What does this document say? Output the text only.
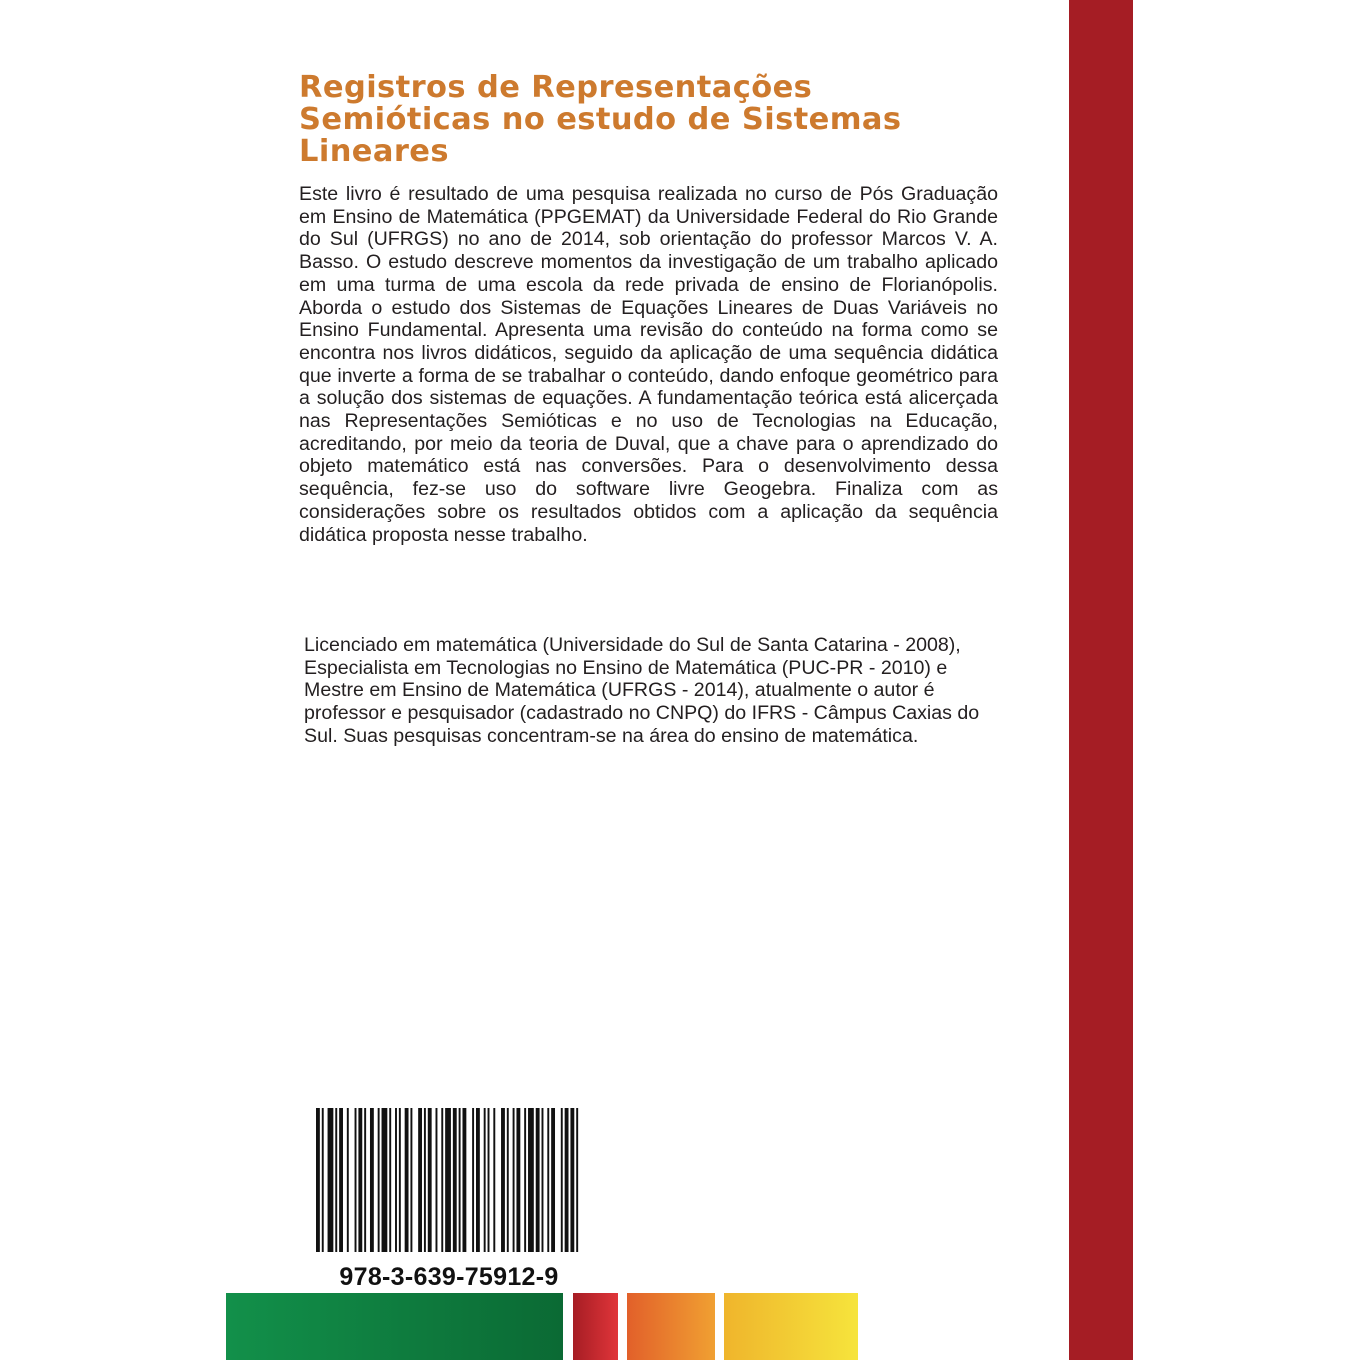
Registros de Representações Semióticas no estudo de Sistemas Lineares

Este livro é resultado de uma pesquisa realizada no curso de Pós Graduação em Ensino de Matemática (PPGEMAT) da Universidade Federal do Rio Grande do Sul (UFRGS) no ano de 2014, sob orientação do professor Marcos V. A. Basso. O estudo descreve momentos da investigação de um trabalho aplicado em uma turma de uma escola da rede privada de ensino de Florianópolis. Aborda o estudo dos Sistemas de Equações Lineares de Duas Variáveis no Ensino Fundamental. Apresenta uma revisão do conteúdo na forma como se encontra nos livros didáticos, seguido da aplicação de uma sequência didática que inverte a forma de se trabalhar o conteúdo, dando enfoque geométrico para a solução dos sistemas de equações. A fundamentação teórica está alicerçada nas Representações Semióticas e no uso de Tecnologias na Educação, acreditando, por meio da teoria de Duval, que a chave para o aprendizado do objeto matemático está nas conversões. Para o desenvolvimento dessa sequência, fez-se uso do software livre Geogebra. Finaliza com as considerações sobre os resultados obtidos com a aplicação da sequência didática proposta nesse trabalho.

Licenciado em matemática (Universidade do Sul de Santa Catarina - 2008), Especialista em Tecnologias no Ensino de Matemática (PUC-PR - 2010) e Mestre em Ensino de Matemática (UFRGS - 2014), atualmente o autor é professor e pesquisador (cadastrado no CNPQ) do IFRS - Câmpus Caxias do Sul. Suas pesquisas concentram-se na área do ensino de matemática.

978-3-639-75912-9
